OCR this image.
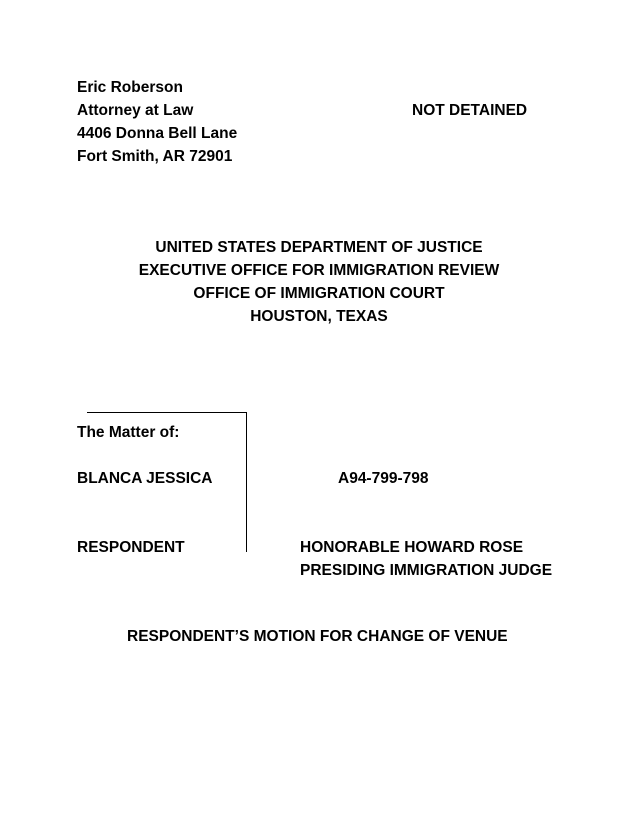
Eric Roberson
Attorney at Law
4406 Donna Bell Lane
Fort Smith, AR 72901
NOT DETAINED
UNITED STATES DEPARTMENT OF JUSTICE
EXECUTIVE OFFICE FOR IMMIGRATION REVIEW
OFFICE OF IMMIGRATION COURT
HOUSTON, TEXAS
The Matter of:
BLANCA JESSICA
RESPONDENT
A94-799-798
HONORABLE HOWARD ROSE
PRESIDING IMMIGRATION JUDGE
RESPONDENT’S MOTION FOR CHANGE OF VENUE
